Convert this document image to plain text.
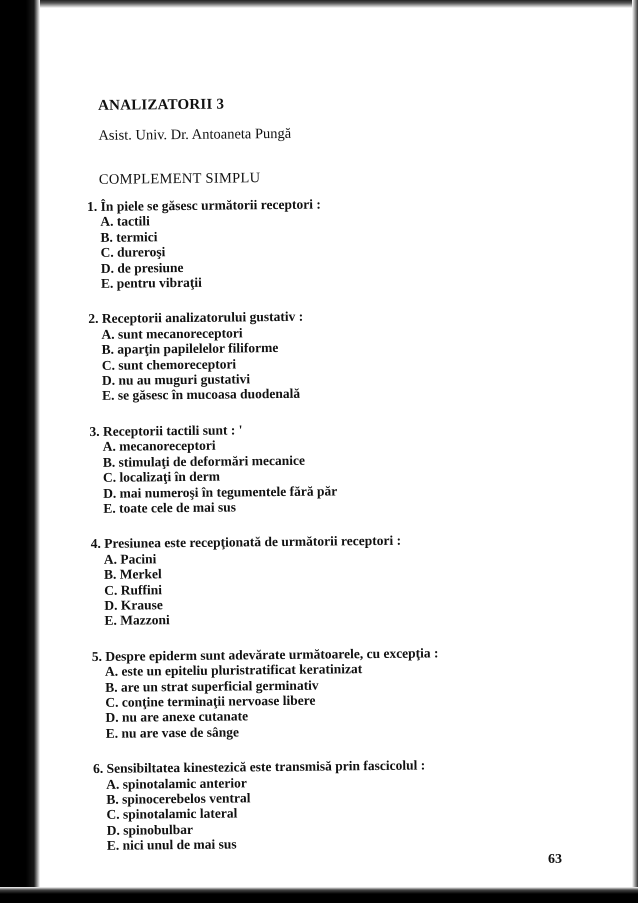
ANALIZATORII 3
Asist. Univ. Dr. Antoaneta Pungă
COMPLEMENT SIMPLU
1. În piele se găsesc următorii receptori :
A. tactili
B. termici
C. dureroşi
D. de presiune
E. pentru vibraţii
2. Receptorii analizatorului gustativ :
A. sunt mecanoreceptori
B. aparţin papilelelor filiforme
C. sunt chemoreceptori
D. nu au muguri gustativi
E. se găsesc în mucoasa duodenală
3. Receptorii tactili sunt : '
A. mecanoreceptori
B. stimulaţi de deformări mecanice
C. localizaţi în derm
D. mai numeroşi în tegumentele fără păr
E. toate cele de mai sus
4. Presiunea este recepţionată de următorii receptori :
A. Pacini
B. Merkel
C. Ruffini
D. Krause
E. Mazzoni
5. Despre epiderm sunt adevărate următoarele, cu excepţia :
A. este un epiteliu pluristratificat keratinizat
B. are un strat superficial germinativ
C. conţine terminaţii nervoase libere
D. nu are anexe cutanate
E. nu are vase de sânge
6. Sensibiltatea kinestezică este transmisă prin fascicolul :
A. spinotalamic anterior
B. spinocerebelos ventral
C. spinotalamic lateral
D. spinobulbar
E. nici unul de mai sus
63
